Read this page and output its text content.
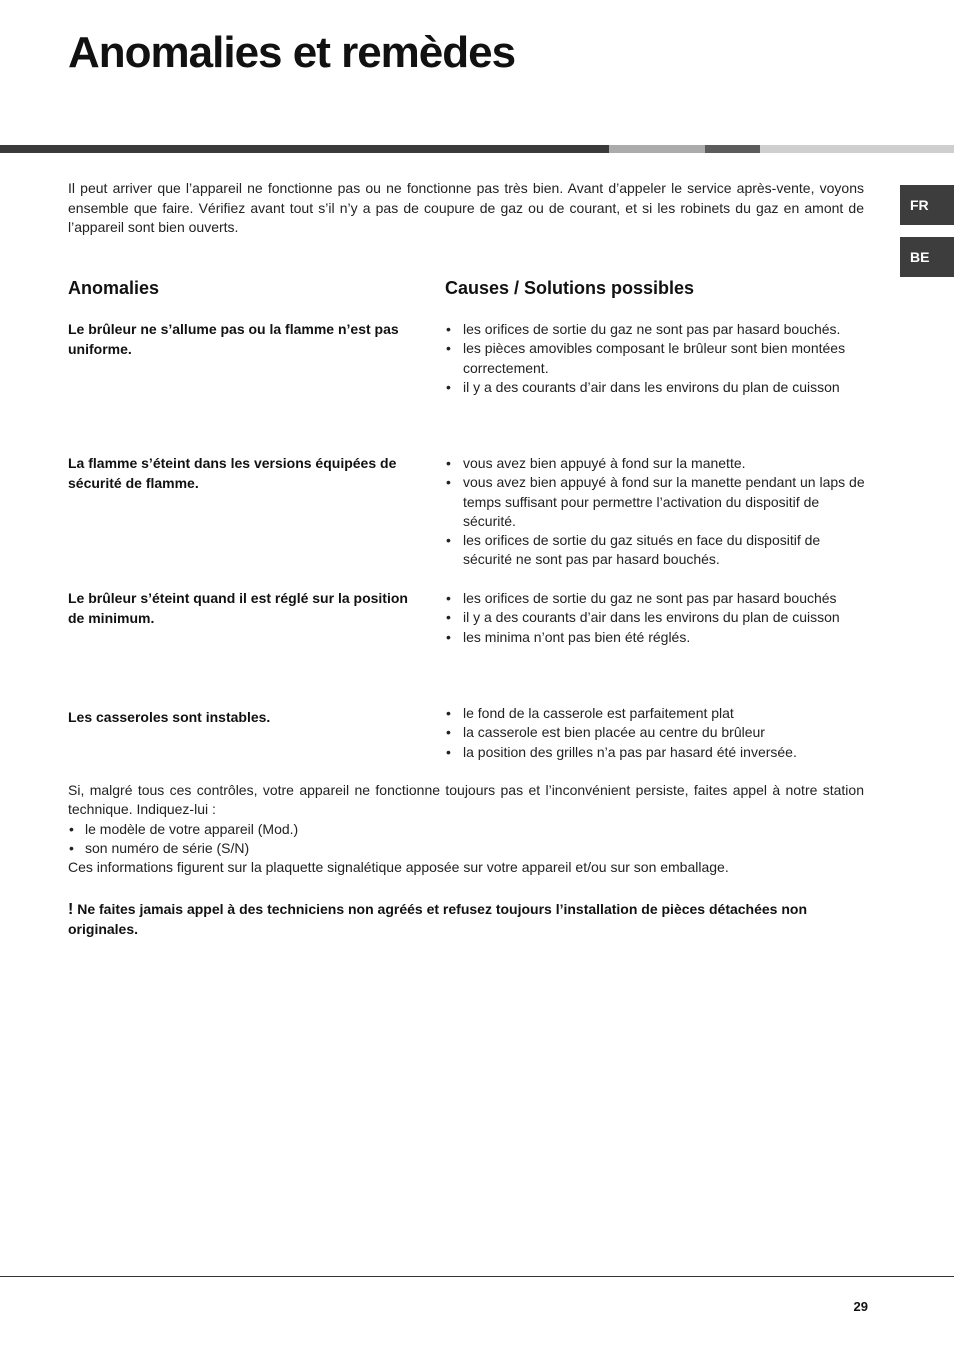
Anomalies et remèdes
FR
BE

Il peut arriver que l’appareil ne fonctionne pas ou ne fonctionne pas très bien. Avant d’appeler le service après-vente, voyons ensemble que faire. Vérifiez avant tout s’il n’y a pas de coupure de gaz ou de courant, et si les robinets du gaz en amont de l’appareil sont bien ouverts.

Anomalies	Causes / Solutions possibles

Le brûleur ne s’allume pas ou la flamme n’est pas uniforme.

• les orifices de sortie du gaz ne sont pas par hasard bouchés.
• les pièces amovibles composant le brûleur sont bien montées correctement.
• il y a des courants d’air dans les environs du plan de cuisson

La flamme s’éteint dans les versions équipées de sécurité de flamme.

• vous avez bien appuyé à fond sur la manette.
• vous avez bien appuyé à fond sur la manette pendant un laps de temps suffisant pour permettre l’activation du dispositif de sécurité.
• les orifices de sortie du gaz situés en face du dispositif de sécurité ne sont pas par hasard bouchés.

Le brûleur s’éteint quand il est réglé sur la position de minimum.

• les orifices de sortie du gaz ne sont pas par hasard bouchés
• il y a des courants d’air dans les environs du plan de cuisson
• les minima n’ont pas bien été réglés.

Les casseroles sont instables.

•	le fond de la casserole est parfaitement plat
• la casserole est bien placée au centre du brûleur
• la position des grilles n’a pas par hasard été inversée.

Si, malgré tous ces contrôles, votre appareil ne fonctionne toujours pas et l’inconvénient persiste, faites appel à notre station technique. Indiquez-lui :

• le modèle de votre appareil (Mod.)
• son numéro de série (S/N)

Ces informations figurent sur la plaquette signalétique apposée sur votre appareil et/ou sur son emballage.

! Ne faites jamais appel à des techniciens non agréés et refusez toujours l’installation de pièces détachées non originales.

29
